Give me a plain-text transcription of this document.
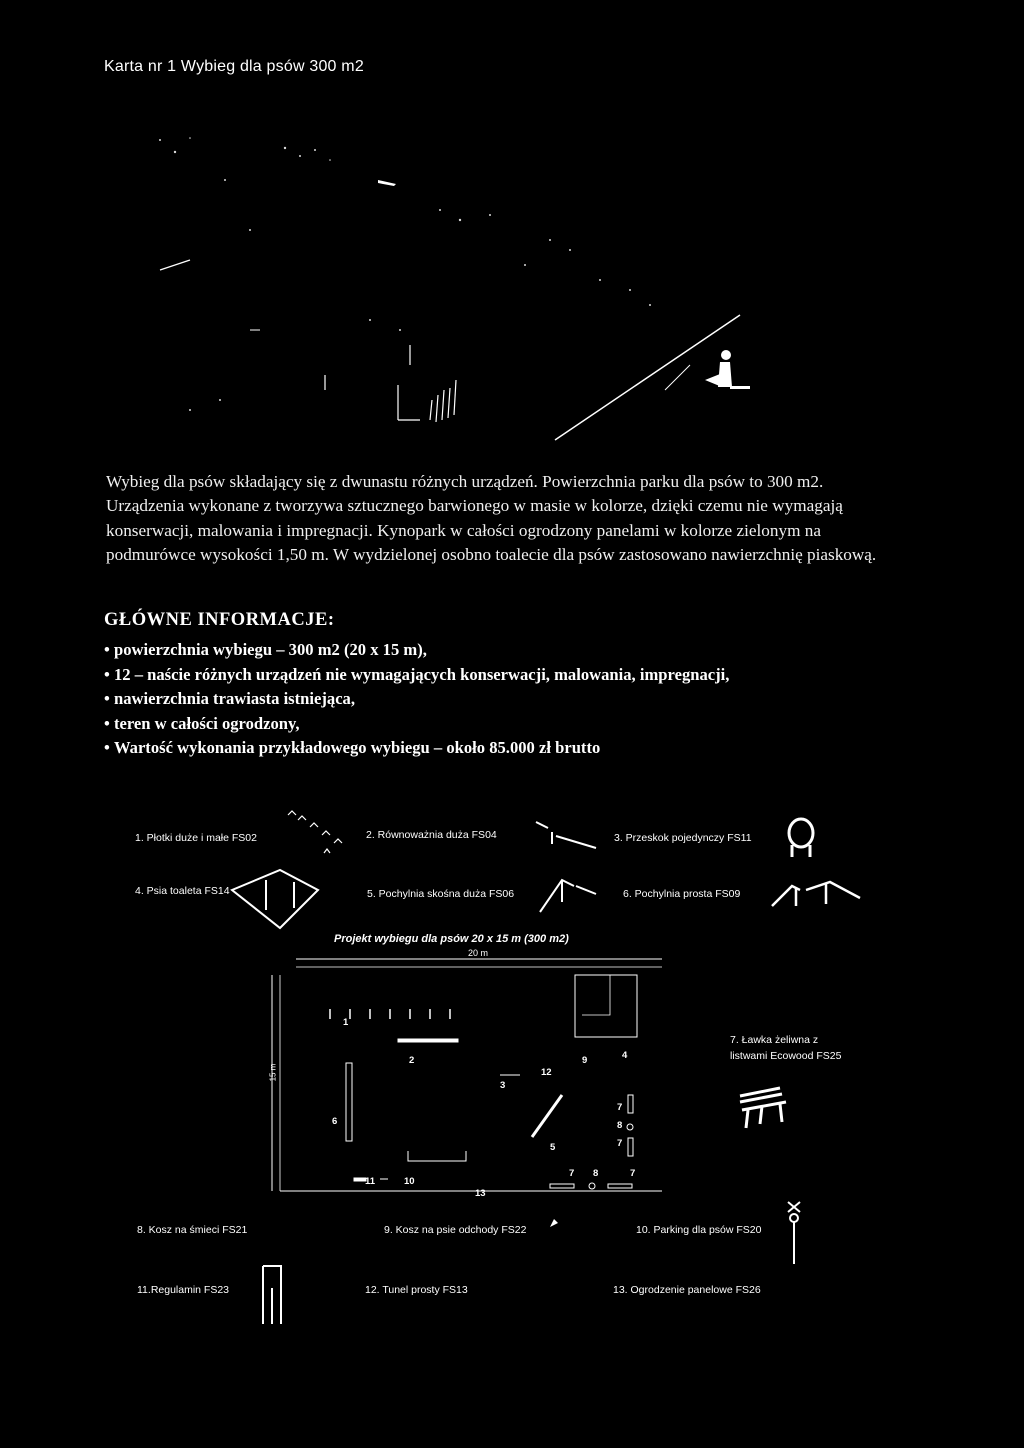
Karta nr 1 Wybieg dla psów 300 m2
Wybieg dla psów składający się z dwunastu różnych urządzeń. Powierzchnia parku dla psów to 300 m2. Urządzenia wykonane z tworzywa sztucznego barwionego w masie w kolorze, dzięki czemu nie wymagają konserwacji, malowania i impregnacji. Kynopark w całości ogrodzony panelami w kolorze zielonym na podmurówce wysokości 1,50 m. W wydzielonej osobno toalecie dla psów zastosowano nawierzchnię piaskową.
GŁÓWNE INFORMACJE:
• powierzchnia wybiegu – 300 m2 (20 x 15 m),
• 12 – naście różnych urządzeń nie wymagających konserwacji, malowania, impregnacji,
• nawierzchnia trawiasta istniejąca,
• teren w całości ogrodzony,
• Wartość wykonania przykładowego wybiegu – około 85.000 zł brutto
1. Płotki duże i małe FS02	2. Równoważnia duża FS04	3. Przeskok pojedynczy FS11
4. Psia toaleta FS14	5. Pochylnia skośna duża FS06	6. Pochylnia prosta FS09
7. Ławka żeliwna z
listwami Ecowood FS25
8. Kosz na śmieci FS21	9. Kosz na psie odchody FS22	10. Parking dla psów FS20
11.Regulamin FS23	12. Tunel prosty FS13	13. Ogrodzenie panelowe FS26
Projekt wybiegu dla psów 20 x 15 m (300 m2)
20 m
15 m
1
2
3
4
5
6
7
8
7
9
12
7 8	7
11	10
13
